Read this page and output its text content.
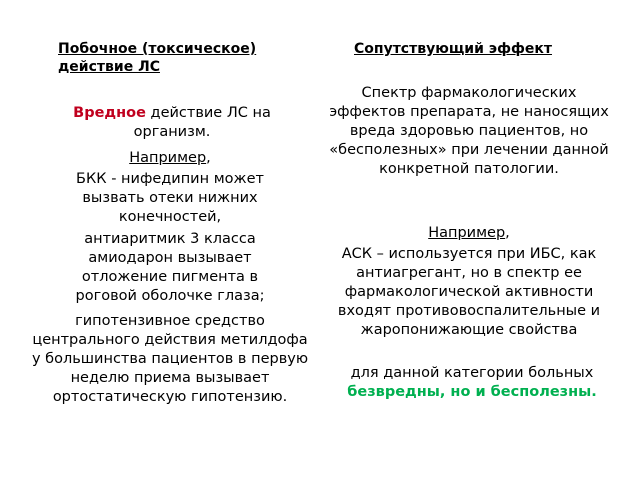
Побочное (токсическое) действие ЛС
Вредное действие ЛС на организм.
Например,
БКК - нифедипин может вызвать отеки нижних конечностей,
антиаритмик 3 класса амиодарон вызывает отложение пигмента в роговой оболочке глаза;
гипотензивное средство центрального действия метилдофа у большинства пациентов в первую неделю приема вызывает ортостатическую гипотензию.
Сопутствующий эффект
Спектр фармакологических эффектов препарата, не наносящих вреда здоровью пациентов, но «бесполезных» при лечении данной конкретной патологии.
Например,
АСК – используется при ИБС, как антиагрегант, но в спектр ее фармакологической активности входят противовоспалительные и жаропонижающие свойства
для данной категории больных безвредны, но и бесполезны.
